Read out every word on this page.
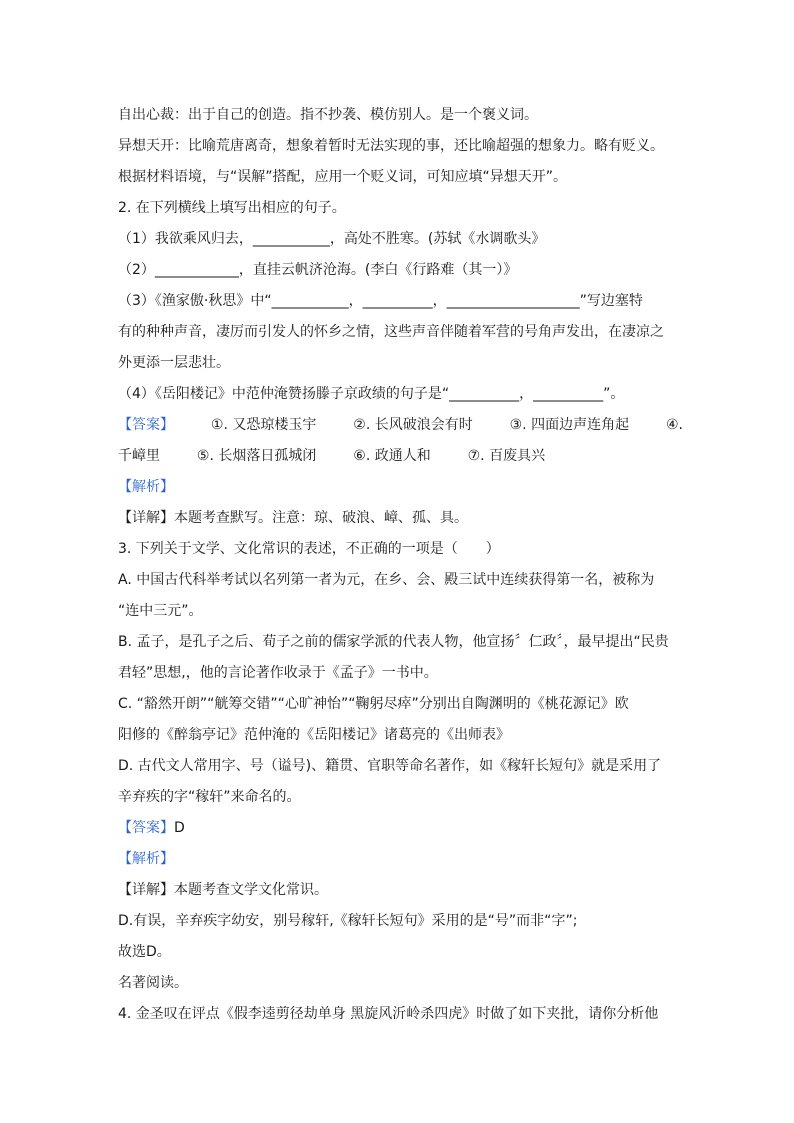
自出心裁：出于自己的创造。指不抄袭、模仿别人。是一个褒义词。
异想天开：比喻荒唐离奇，想象着暂时无法实现的事，还比喻超强的想象力。略有贬义。
根据材料语境，与“误解”搭配，应用一个贬义词，可知应填“异想天开”。
2. 在下列横线上填写出相应的句子。
（1）我欲乘风归去，___________，高处不胜寒。(苏轼《水调歌头》
（2）____________，直挂云帆济沧海。(李白《行路难（其一）》
（3）《渔家傲·秋思》中“___________，__________，___________________”写边塞特
有的种种声音，凄厉而引发人的怀乡之情，这些声音伴随着军营的号角声发出，在凄凉之
外更添一层悲壮。
（4）《岳阳楼记》中范仲淹赞扬滕子京政绩的句子是“__________，__________”。
【答案】	①. 又恐琼楼玉宇	②. 长风破浪会有时	③. 四面边声连角起	④.
千嶂里	⑤. 长烟落日孤城闭	⑥. 政通人和	⑦. 百废具兴
【解析】
【详解】本题考查默写。注意：琼、破浪、嶂、孤、具。
3. 下列关于文学、文化常识的表述，不正确的一项是（　　）
A. 中国古代科举考试以名列第一者为元，在乡、会、殿三试中连续获得第一名，被称为
“连中三元”。
B. 孟子，是孔子之后、荀子之前的儒家学派的代表人物，他宣扬〞仁政〞，最早提出“民贵
君轻”思想,，他的言论著作收录于《孟子》一书中。
C. “豁然开朗”“觥筹交错”“心旷神怡”“鞠躬尽瘁”分别出自陶渊明的《桃花源记》欧
阳修的《醉翁亭记》范仲淹的《岳阳楼记》诸葛亮的《出师表》
D. 古代文人常用字、号（谥号)、籍贯、官职等命名著作，如《稼轩长短句》就是采用了
辛弃疾的字“稼轩”来命名的。
【答案】D
【解析】
【详解】本题考查文学文化常识。
D.有误，辛弃疾字幼安，别号稼轩,《稼轩长短句》采用的是“号”而非“字”;
故选D。
名著阅读。
4. 金圣叹在评点《假李逵剪径劫单身 黑旋风沂岭杀四虎》时做了如下夹批，请你分析他
